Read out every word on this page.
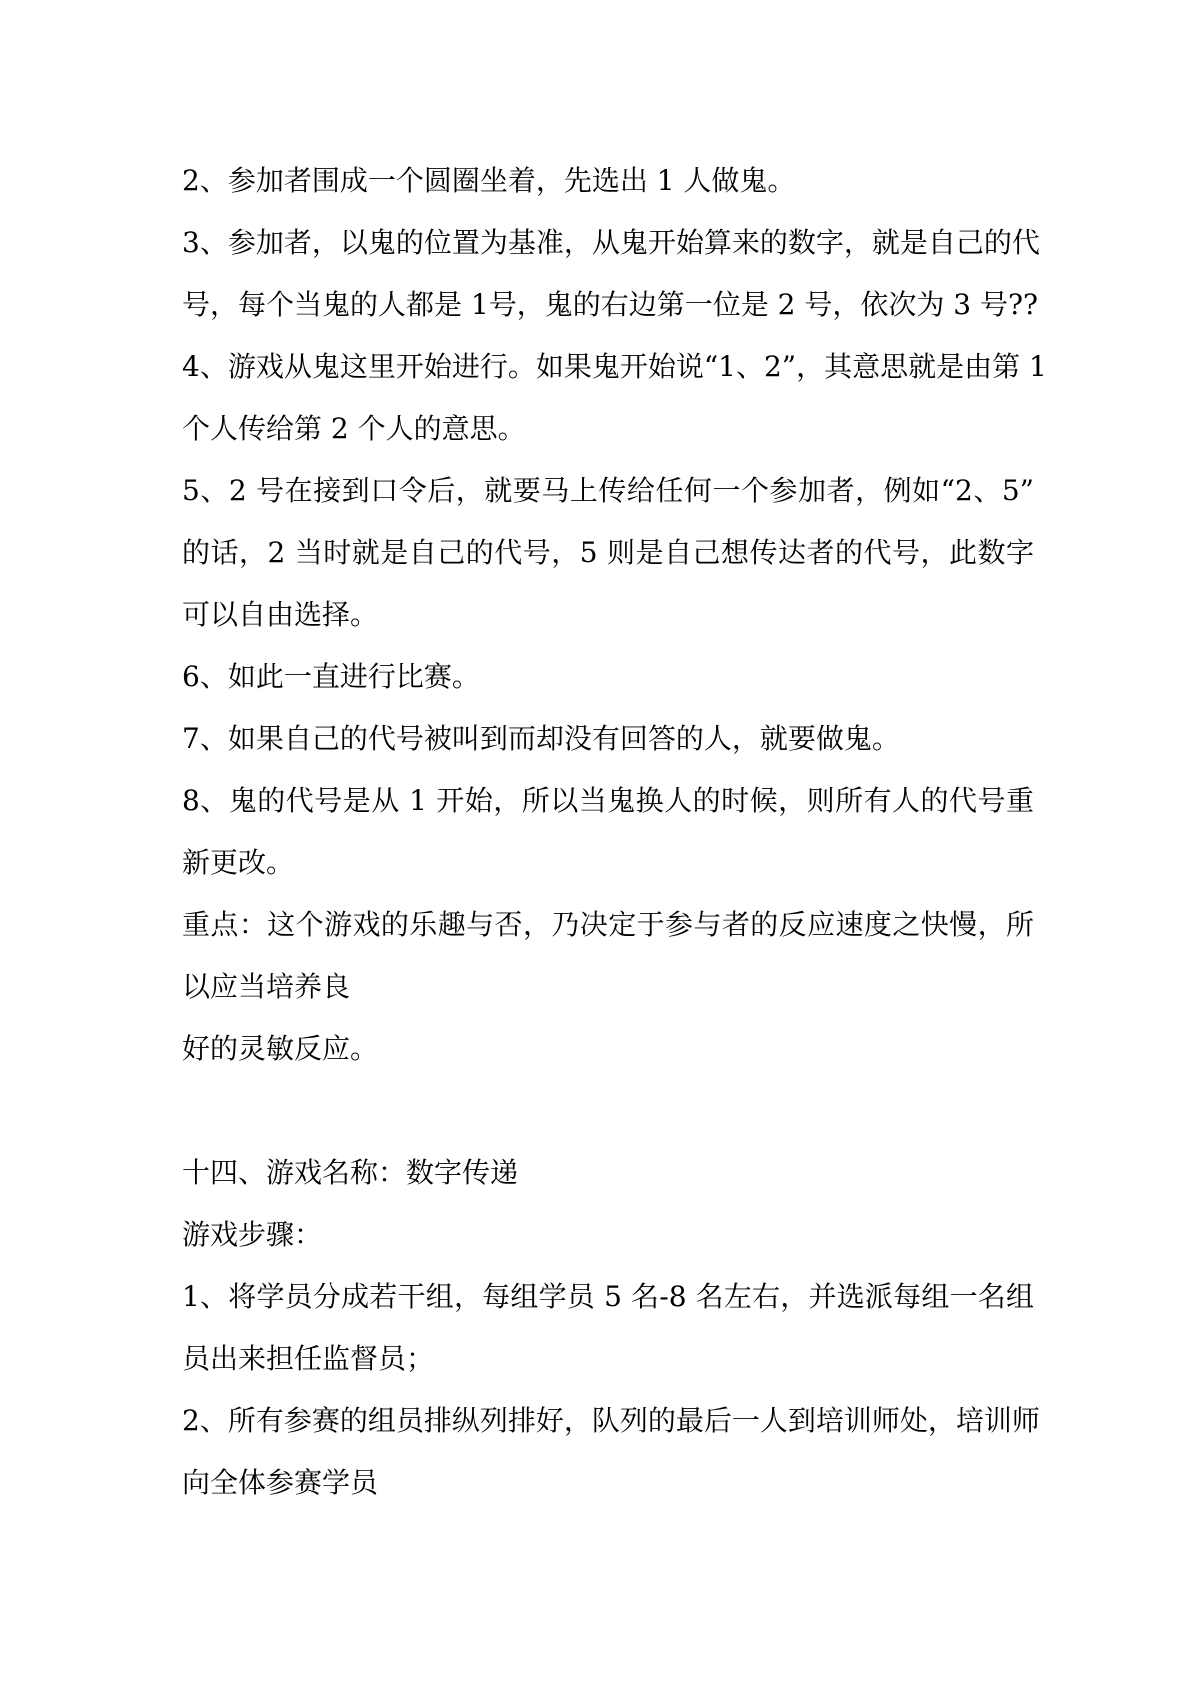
2、参加者围成一个圆圈坐着，先选出 1 人做鬼。
3、参加者，以鬼的位置为基准，从鬼开始算来的数字，就是自己的代
号，每个当鬼的人都是 1号，鬼的右边第一位是 2 号，依次为 3 号??
4、游戏从鬼这里开始进行。如果鬼开始说“1、2”，其意思就是由第 1
个人传给第 2 个人的意思。
5、2 号在接到口令后，就要马上传给任何一个参加者，例如“2、5”
的话，2 当时就是自己的代号，5 则是自己想传达者的代号，此数字
可以自由选择。
6、如此一直进行比赛。
7、如果自己的代号被叫到而却没有回答的人，就要做鬼。
8、鬼的代号是从 1 开始，所以当鬼换人的时候，则所有人的代号重
新更改。
重点：这个游戏的乐趣与否，乃决定于参与者的反应速度之快慢，所
以应当培养良
好的灵敏反应。
十四、游戏名称：数字传递
游戏步骤：
1、将学员分成若干组，每组学员 5 名-8 名左右，并选派每组一名组
员出来担任监督员；
2、所有参赛的组员排纵列排好，队列的最后一人到培训师处，培训师
向全体参赛学员
